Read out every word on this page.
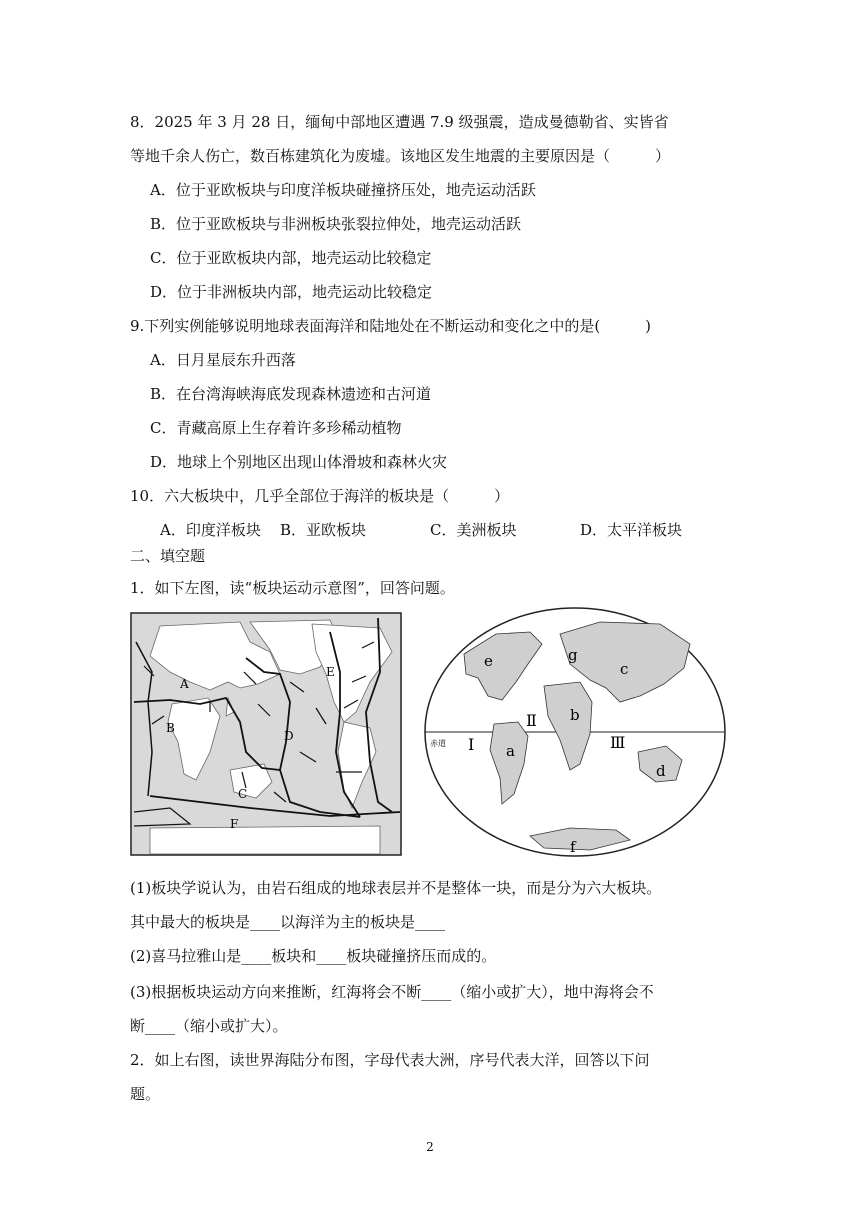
8．2025 年 3 月 28 日，缅甸中部地区遭遇 7.9 级强震，造成曼德勒省、实皆省
等地千余人伤亡，数百栋建筑化为废墟。该地区发生地震的主要原因是（　　　）
A．位于亚欧板块与印度洋板块碰撞挤压处，地壳运动活跃
B．位于亚欧板块与非洲板块张裂拉伸处，地壳运动活跃
C．位于亚欧板块内部，地壳运动比较稳定
D．位于非洲板块内部，地壳运动比较稳定
9.下列实例能够说明地球表面海洋和陆地处在不断运动和变化之中的是(　　　)
A．日月星辰东升西落
B．在台湾海峡海底发现森林遗迹和古河道
C．青藏高原上生存着许多珍稀动植物
D．地球上个别地区出现山体滑坡和森林火灾
10．六大板块中，几乎全部位于海洋的板块是（　　　）
A．印度洋板块 B．亚欧板块	C．美洲板块	D．太平洋板块
二、填空题
1．如下左图，读“板块运动示意图”，回答问题。
A
B
C
D
E
F
a
b
c
d
e
f
g
Ⅰ
Ⅱ
Ⅲ
赤道
(1)板块学说认为，由岩石组成的地球表层并不是整体一块，而是分为六大板块。
其中最大的板块是____以海洋为主的板块是____
(2)喜马拉雅山是____板块和____板块碰撞挤压而成的。
(3)根据板块运动方向来推断，红海将会不断____（缩小或扩大），地中海将会不
断____（缩小或扩大）。
2．如上右图，读世界海陆分布图，字母代表大洲，序号代表大洋，回答以下问
题。
2
